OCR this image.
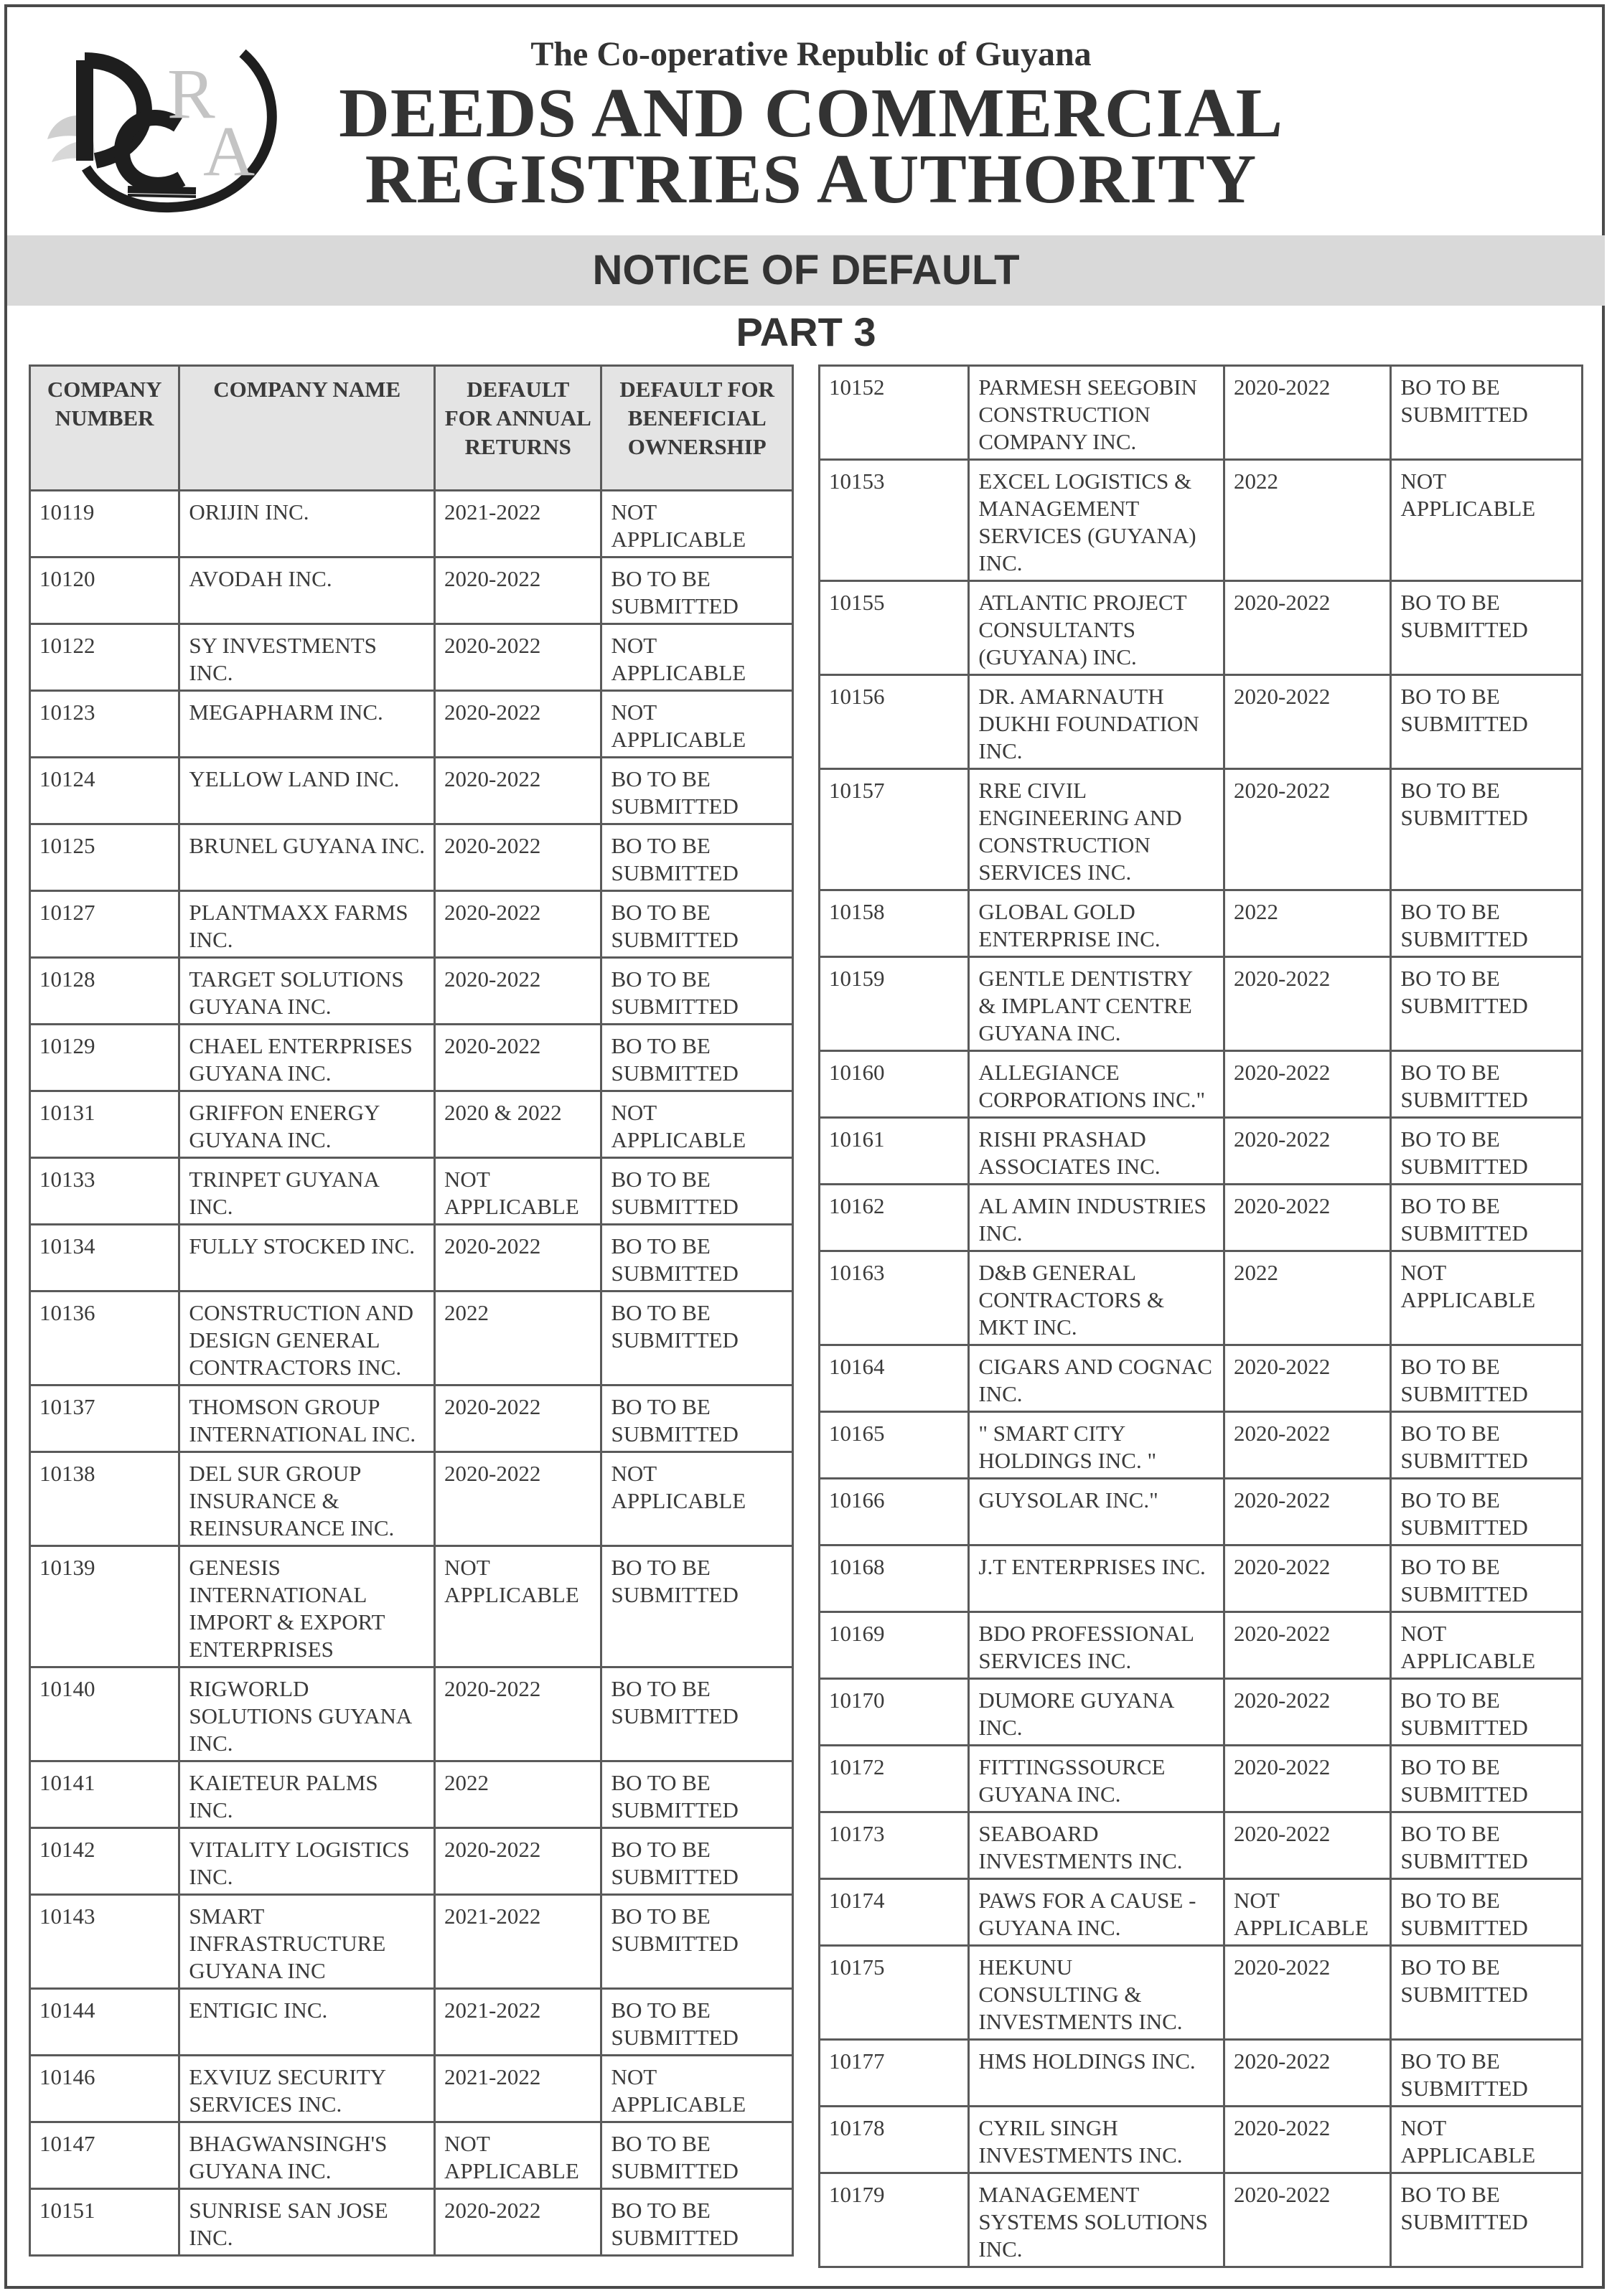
R
A
The Co-operative Republic of Guyana
DEEDS AND COMMERCIAL
REGISTRIES AUTHORITY
NOTICE OF DEFAULT
PART 3
COMPANY NUMBER	COMPANY NAME	DEFAULT FOR ANNUAL RETURNS	DEFAULT FOR BENEFICIAL OWNERSHIP
10119	ORIJIN INC.	2021-2022	NOT APPLICABLE
10120	AVODAH INC.	2020-2022	BO TO BE SUBMITTED
10122	SY INVESTMENTS INC.	2020-2022	NOT APPLICABLE
10123	MEGAPHARM INC.	2020-2022	NOT APPLICABLE
10124	YELLOW LAND INC.	2020-2022	BO TO BE SUBMITTED
10125	BRUNEL GUYANA INC.	2020-2022	BO TO BE SUBMITTED
10127	PLANTMAXX FARMS INC.	2020-2022	BO TO BE SUBMITTED
10128	TARGET SOLUTIONS GUYANA INC.	2020-2022	BO TO BE SUBMITTED
10129	CHAEL ENTERPRISES GUYANA INC.	2020-2022	BO TO BE SUBMITTED
10131	GRIFFON ENERGY GUYANA INC.	2020 & 2022	NOT APPLICABLE
10133	TRINPET GUYANA INC.	NOT APPLICABLE	BO TO BE SUBMITTED
10134	FULLY STOCKED INC.	2020-2022	BO TO BE SUBMITTED
10136	CONSTRUCTION AND DESIGN GENERAL CONTRACTORS INC.	2022	BO TO BE SUBMITTED
10137	THOMSON GROUP INTERNATIONAL INC.	2020-2022	BO TO BE SUBMITTED
10138	DEL SUR GROUP INSURANCE & REINSURANCE INC.	2020-2022	NOT APPLICABLE
10139	GENESIS INTERNATIONAL IMPORT & EXPORT ENTERPRISES	NOT APPLICABLE	BO TO BE SUBMITTED
10140	RIGWORLD SOLUTIONS GUYANA INC.	2020-2022	BO TO BE SUBMITTED
10141	KAIETEUR PALMS INC.	2022	BO TO BE SUBMITTED
10142	VITALITY LOGISTICS INC.	2020-2022	BO TO BE SUBMITTED
10143	SMART INFRASTRUCTURE GUYANA INC	2021-2022	BO TO BE SUBMITTED
10144	ENTIGIC INC.	2021-2022	BO TO BE SUBMITTED
10146	EXVIUZ SECURITY SERVICES INC.	2021-2022	NOT APPLICABLE
10147	BHAGWANSINGH'S GUYANA INC.	NOT APPLICABLE	BO TO BE SUBMITTED
10151	SUNRISE SAN JOSE INC.	2020-2022	BO TO BE SUBMITTED
10152	PARMESH SEEGOBIN CONSTRUCTION COMPANY INC.	2020-2022	BO TO BE SUBMITTED
10153	EXCEL LOGISTICS & MANAGEMENT SERVICES (GUYANA) INC.	2022	NOT APPLICABLE
10155	ATLANTIC PROJECT CONSULTANTS (GUYANA) INC.	2020-2022	BO TO BE SUBMITTED
10156	DR. AMARNAUTH DUKHI FOUNDATION INC.	2020-2022	BO TO BE SUBMITTED
10157	RRE CIVIL ENGINEERING AND CONSTRUCTION SERVICES INC.	2020-2022	BO TO BE SUBMITTED
10158	GLOBAL GOLD ENTERPRISE INC.	2022	BO TO BE SUBMITTED
10159	GENTLE DENTISTRY & IMPLANT CENTRE GUYANA INC.	2020-2022	BO TO BE SUBMITTED
10160	ALLEGIANCE CORPORATIONS INC."	2020-2022	BO TO BE SUBMITTED
10161	RISHI PRASHAD ASSOCIATES INC.	2020-2022	BO TO BE SUBMITTED
10162	AL AMIN INDUSTRIES INC.	2020-2022	BO TO BE SUBMITTED
10163	D&B GENERAL CONTRACTORS & MKT INC.	2022	NOT APPLICABLE
10164	CIGARS AND COGNAC INC.	2020-2022	BO TO BE SUBMITTED
10165	" SMART CITY HOLDINGS INC. "	2020-2022	BO TO BE SUBMITTED
10166	GUYSOLAR INC."	2020-2022	BO TO BE SUBMITTED
10168	J.T ENTERPRISES INC.	2020-2022	BO TO BE SUBMITTED
10169	BDO PROFESSIONAL SERVICES INC.	2020-2022	NOT APPLICABLE
10170	DUMORE GUYANA INC.	2020-2022	BO TO BE SUBMITTED
10172	FITTINGSSOURCE GUYANA INC.	2020-2022	BO TO BE SUBMITTED
10173	SEABOARD INVESTMENTS INC.	2020-2022	BO TO BE SUBMITTED
10174	PAWS FOR A CAUSE - GUYANA INC.	NOT APPLICABLE	BO TO BE SUBMITTED
10175	HEKUNU CONSULTING & INVESTMENTS INC.	2020-2022	BO TO BE SUBMITTED
10177	HMS HOLDINGS INC.	2020-2022	BO TO BE SUBMITTED
10178	CYRIL SINGH INVESTMENTS INC.	2020-2022	NOT APPLICABLE
10179	MANAGEMENT SYSTEMS SOLUTIONS INC.	2020-2022	BO TO BE SUBMITTED
